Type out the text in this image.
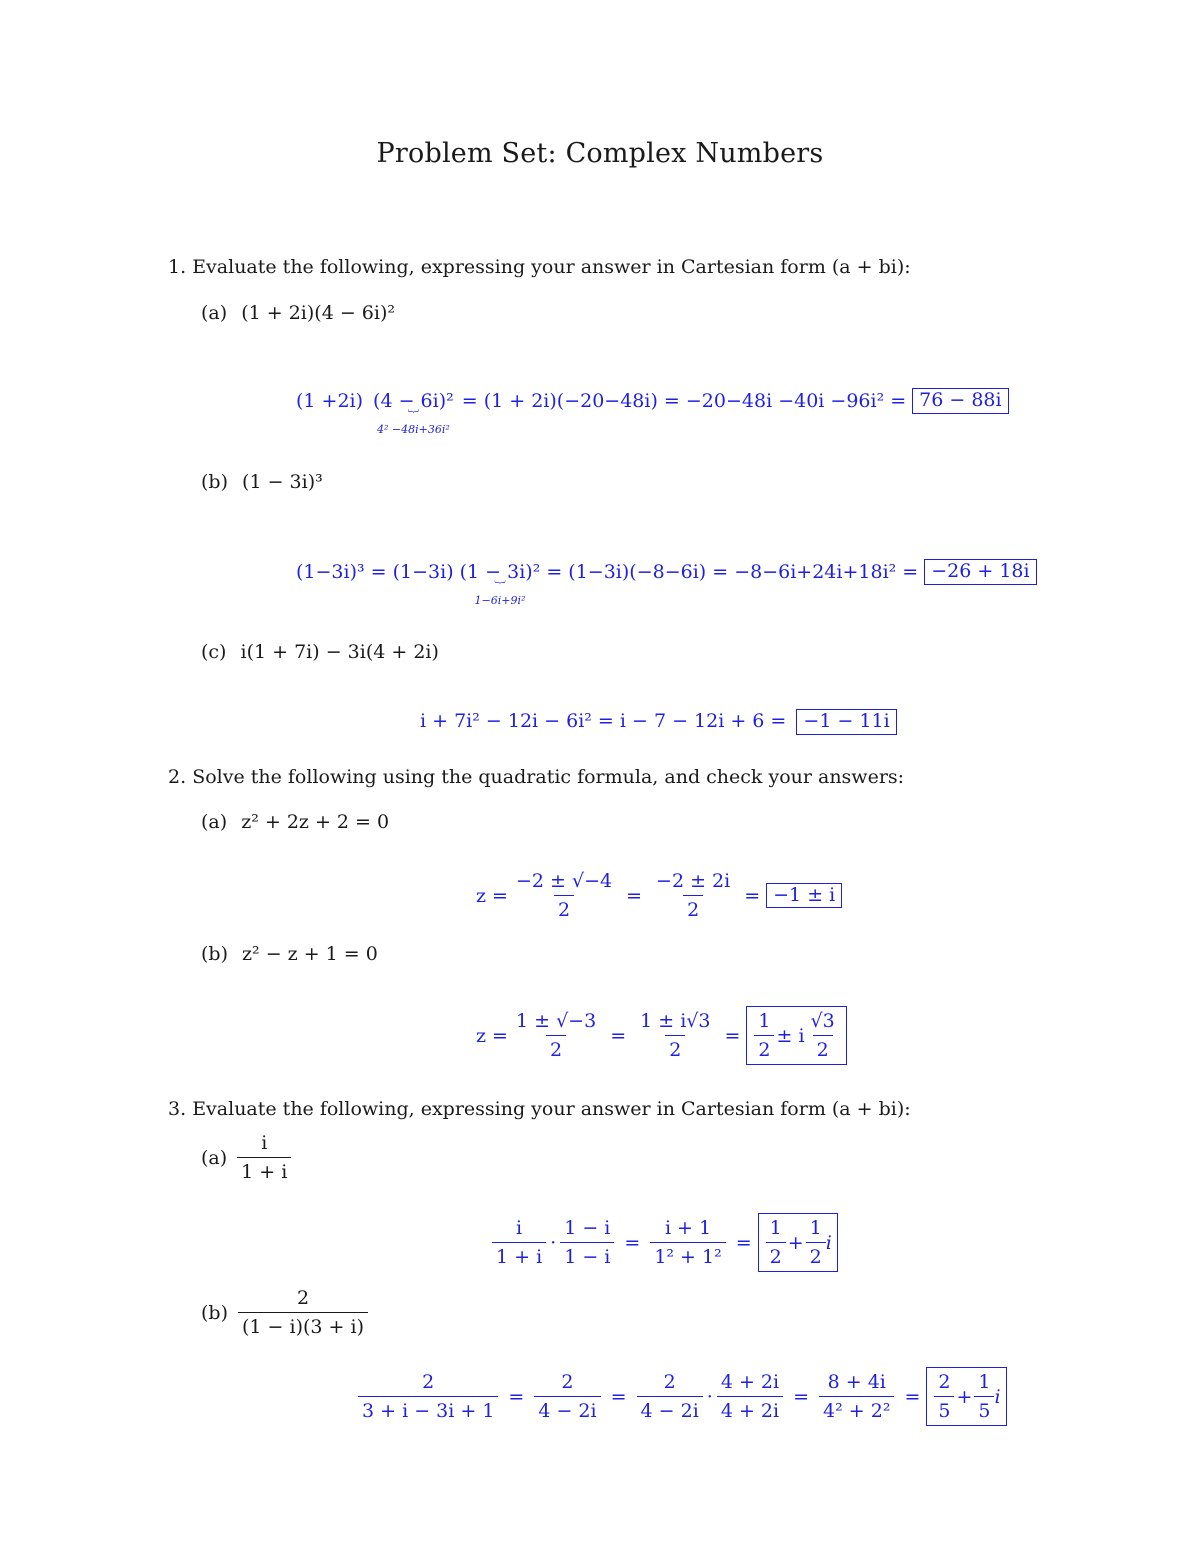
Problem Set: Complex Numbers
1. Evaluate the following, expressing your answer in Cartesian form (a + bi):
(a) (1 + 2i)(4 − 6i)²
(1 +2i) (4 − 6i)²
︸
4² −48i+36i²
= (1 + 2i)(−20−48i) = −20−48i −40i −96i² = 76 − 88i
(b) (1 − 3i)³
(1−3i)³ = (1−3i) (1 − 3i)²
︸
1−6i+9i²
= (1−3i)(−8−6i) = −8−6i+24i+18i² = −26 + 18i
(c) i(1 + 7i) − 3i(4 + 2i)
i + 7i² − 12i − 6i² = i − 7 − 12i + 6 = −1 − 11i
2. Solve the following using the quadratic formula, and check your answers:
(a) z² + 2z + 2 = 0
$z = \frac{-2 \pm √-4}{2} = \frac{-2 \pm 2i}{2} = -1 \pm i$
(b) z² − z + 1 = 0
$z = \frac{1 \pm √-3}{2} = \frac{1 \pm i√3}{2} = \frac{1}{2} \pm i \frac{√3}{2}$
3. Evaluate the following, expressing your answer in Cartesian form (a + bi):
$(a) \frac{i}{1 + i}$
$\frac{i}{1 + i} \cdot \frac{1 - i}{1 - i} = \frac{i + 1}{\text{1² + 1²}} = \frac{1}{2} + \frac{1}{2}$ i
$(b) \frac{2}{(1 - i)(3 + i)}$
$\frac{2}{3 + i - 3i + 1} = \frac{2}{4 - 2i} = \frac{2}{4 - 2i} \cdot \frac{4 + 2i}{4 + 2i} = \frac{8 + 4i}{\text{4² + 2²}} = \frac{2}{5} + \frac{1}{5}$ i
